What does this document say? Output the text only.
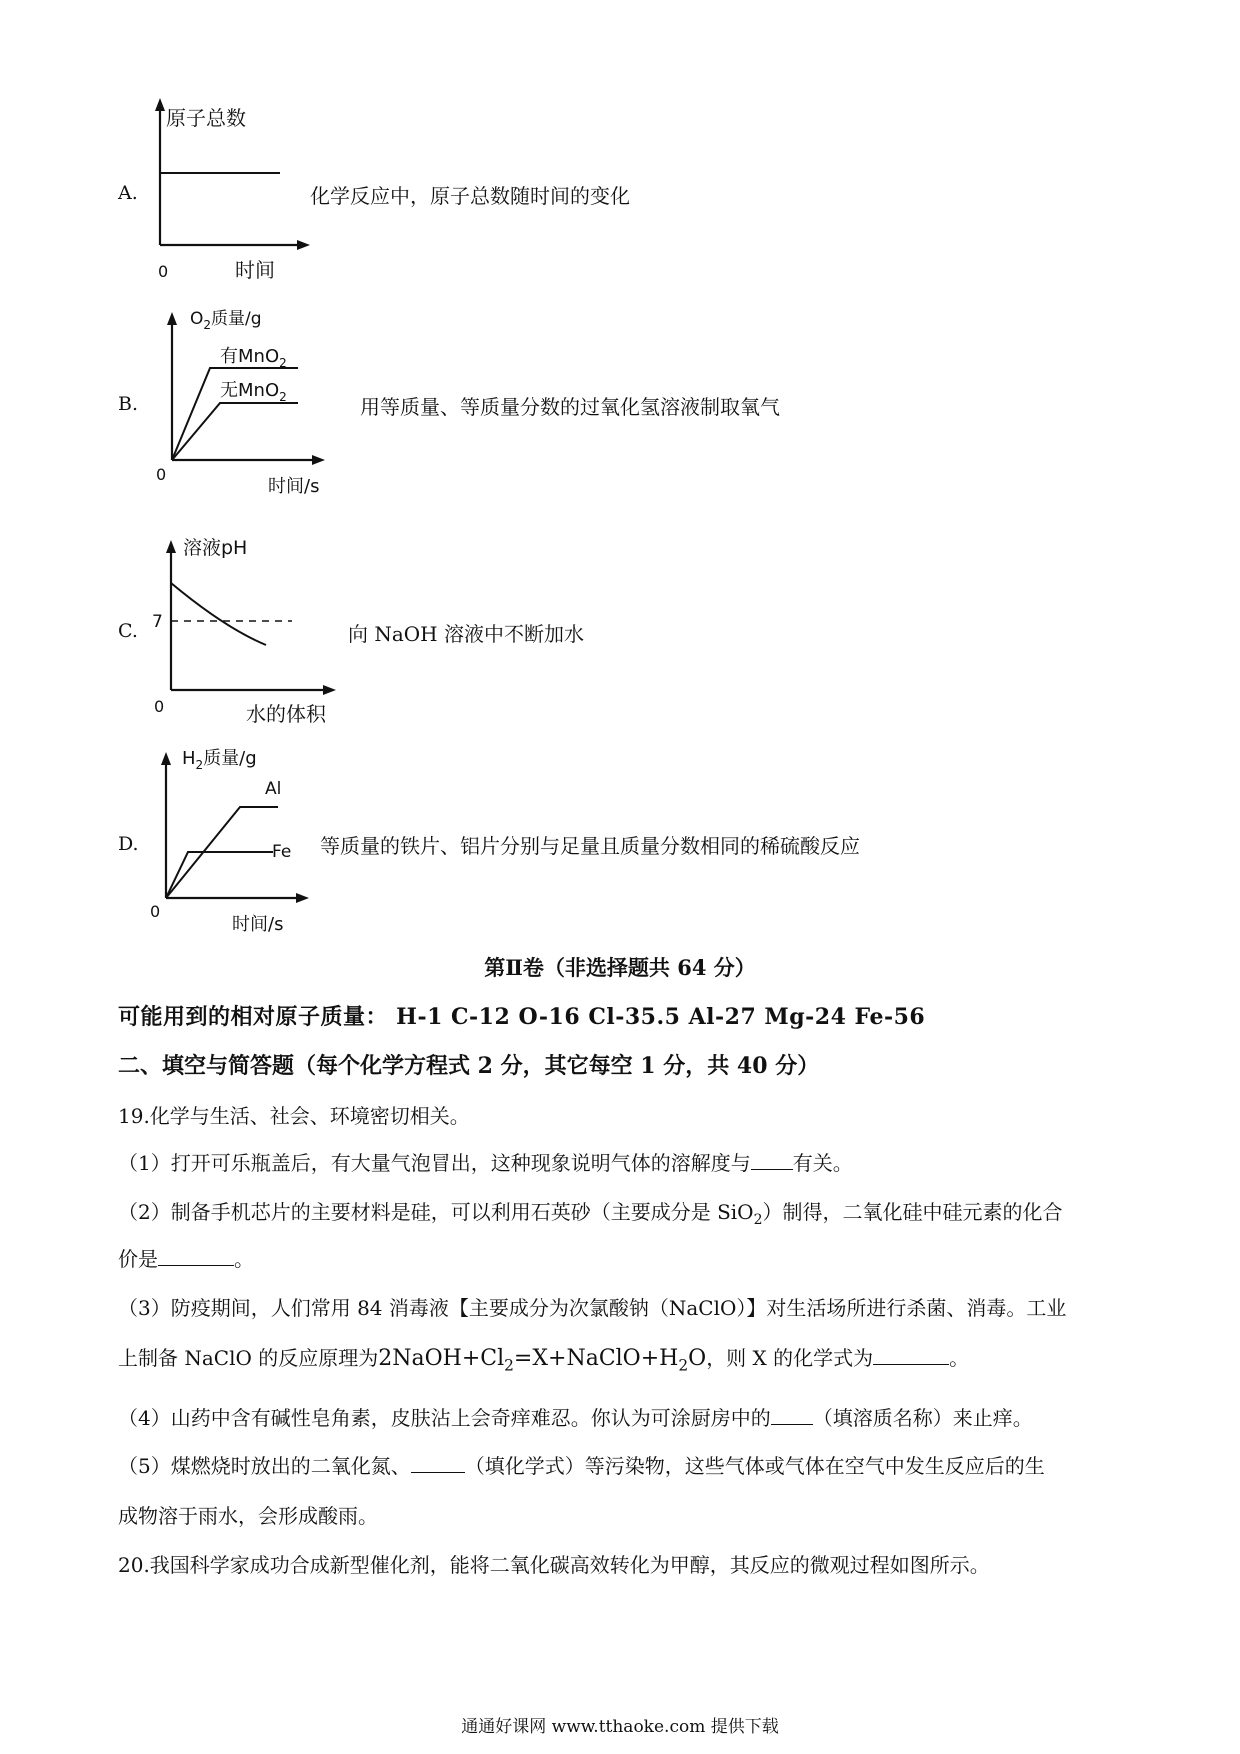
A.
原子总数
0	时间
化学反应中，原子总数随时间的变化
B.
$O_2$质量/g
有MnO$_2$
无MnO$_2$
0
时间/s
用等质量、等质量分数的过氧化氢溶液制取氧气
C.
溶液pH
7
0	水的体积
向 NaOH 溶液中不断加水
D.
$H_2$质量/g
Al
Fe
0
时间/s
等质量的铁片、铝片分别与足量且质量分数相同的稀硫酸反应
第Ⅱ卷（非选择题共 64 分）
可能用到的相对原子质量： H-1 C-12 O-16 Cl-35.5 Al-27 Mg-24 Fe-56
二、填空与简答题（每个化学方程式 2 分，其它每空 1 分，共 40 分）
19.化学与生活、社会、环境密切相关。
（1）打开可乐瓶盖后，有大量气泡冒出，这种现象说明气体的溶解度与 有关。
（2）制备手机芯片的主要材料是硅，可以利用石英砂（主要成分是 SiO$_2$）制得，二氧化硅中硅元素的化合
价是	。
（3）防疫期间，人们常用 84 消毒液【主要成分为次氯酸钠（NaClO）】对生活场所进行杀菌、消毒。工业
上制备 NaClO 的反应原理为$2NaOH+Cl_2=X+NaClO+H_2O$，则 X 的化学式为	。
（4）山药中含有碱性皂角素，皮肤沾上会奇痒难忍。你认为可涂厨房中的 （填溶质名称）来止痒。
（5）煤燃烧时放出的二氧化氮、	（填化学式）等污染物，这些气体或气体在空气中发生反应后的生
成物溶于雨水，会形成酸雨。
20.我国科学家成功合成新型催化剂，能将二氧化碳高效转化为甲醇，其反应的微观过程如图所示。
通通好课网 www.tthaoke.com 提供下载
